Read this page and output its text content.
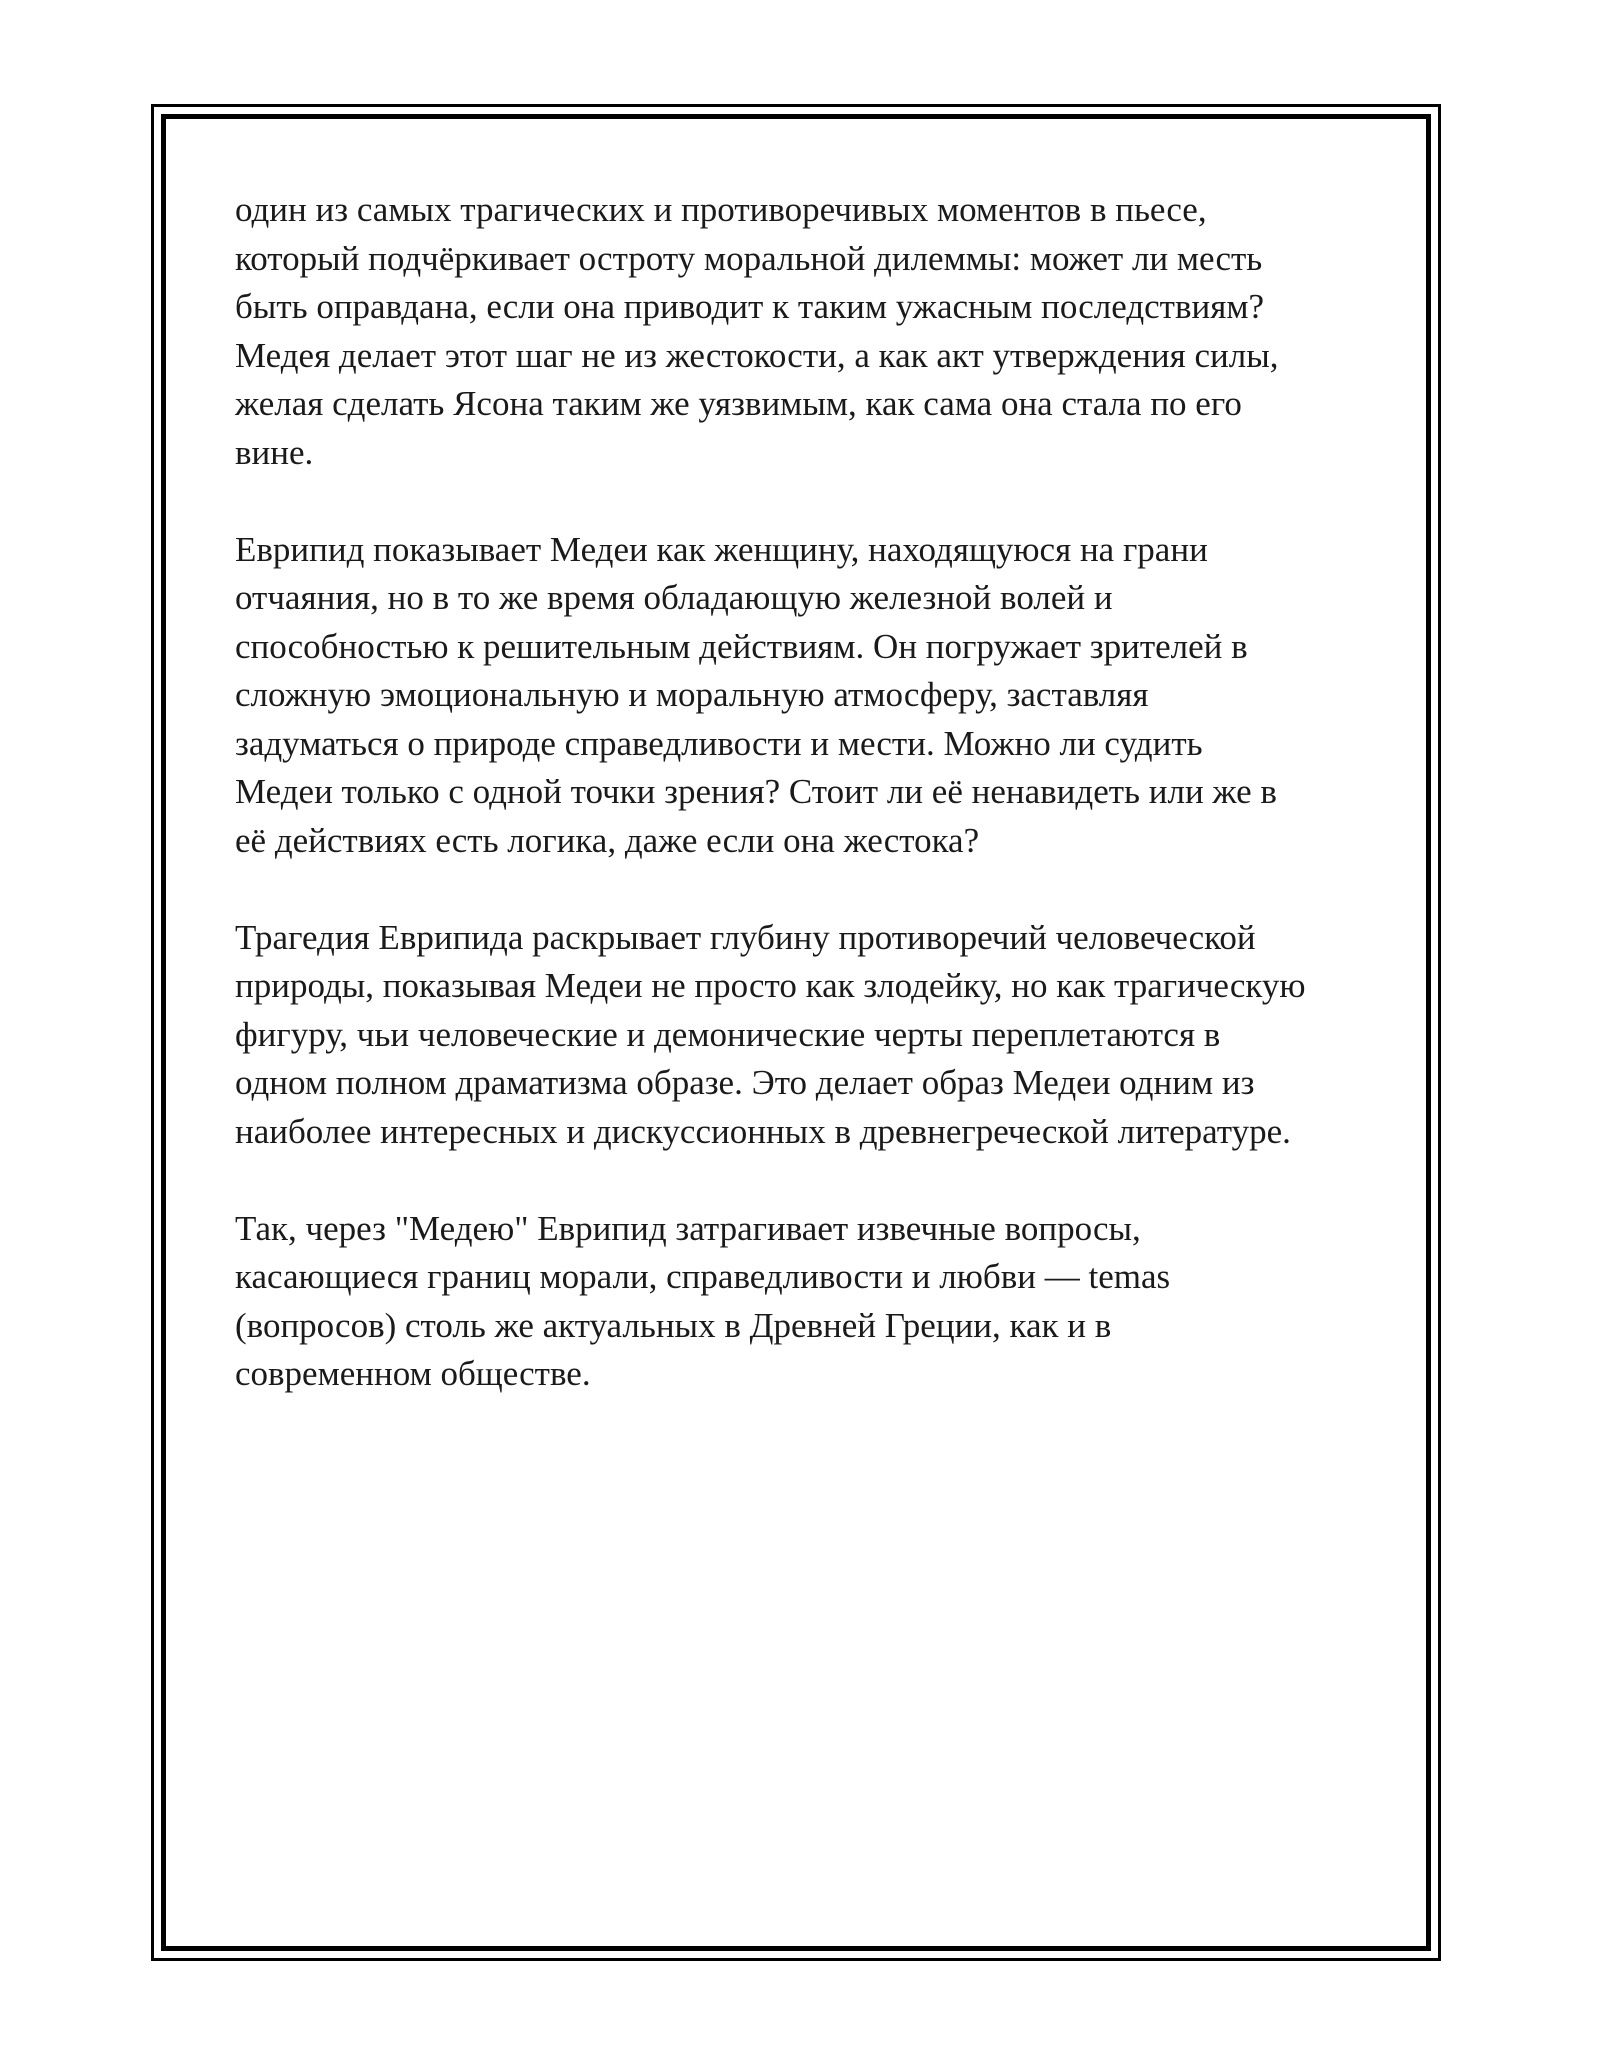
один из самых трагических и противоречивых моментов в пьесе,
который подчёркивает остроту моральной дилеммы: может ли месть
быть оправдана, если она приводит к таким ужасным последствиям?
Медея делает этот шаг не из жестокости, а как акт утверждения силы,
желая сделать Ясона таким же уязвимым, как сама она стала по его
вине.

Еврипид показывает Медеи как женщину, находящуюся на грани
отчаяния, но в то же время обладающую железной волей и
способностью к решительным действиям. Он погружает зрителей в
сложную эмоциональную и моральную атмосферу, заставляя
задуматься о природе справедливости и мести. Можно ли судить
Медеи только с одной точки зрения? Стоит ли её ненавидеть или же в
её действиях есть логика, даже если она жестока?

Трагедия Еврипида раскрывает глубину противоречий человеческой
природы, показывая Медеи не просто как злодейку, но как трагическую
фигуру, чьи человеческие и демонические черты переплетаются в
одном полном драматизма образе. Это делает образ Медеи одним из
наиболее интересных и дискуссионных в древнегреческой литературе.

Так, через "Медею" Еврипид затрагивает извечные вопросы,
касающиеся границ морали, справедливости и любви — temas
(вопросов) столь же актуальных в Древней Греции, как и в
современном обществе.
